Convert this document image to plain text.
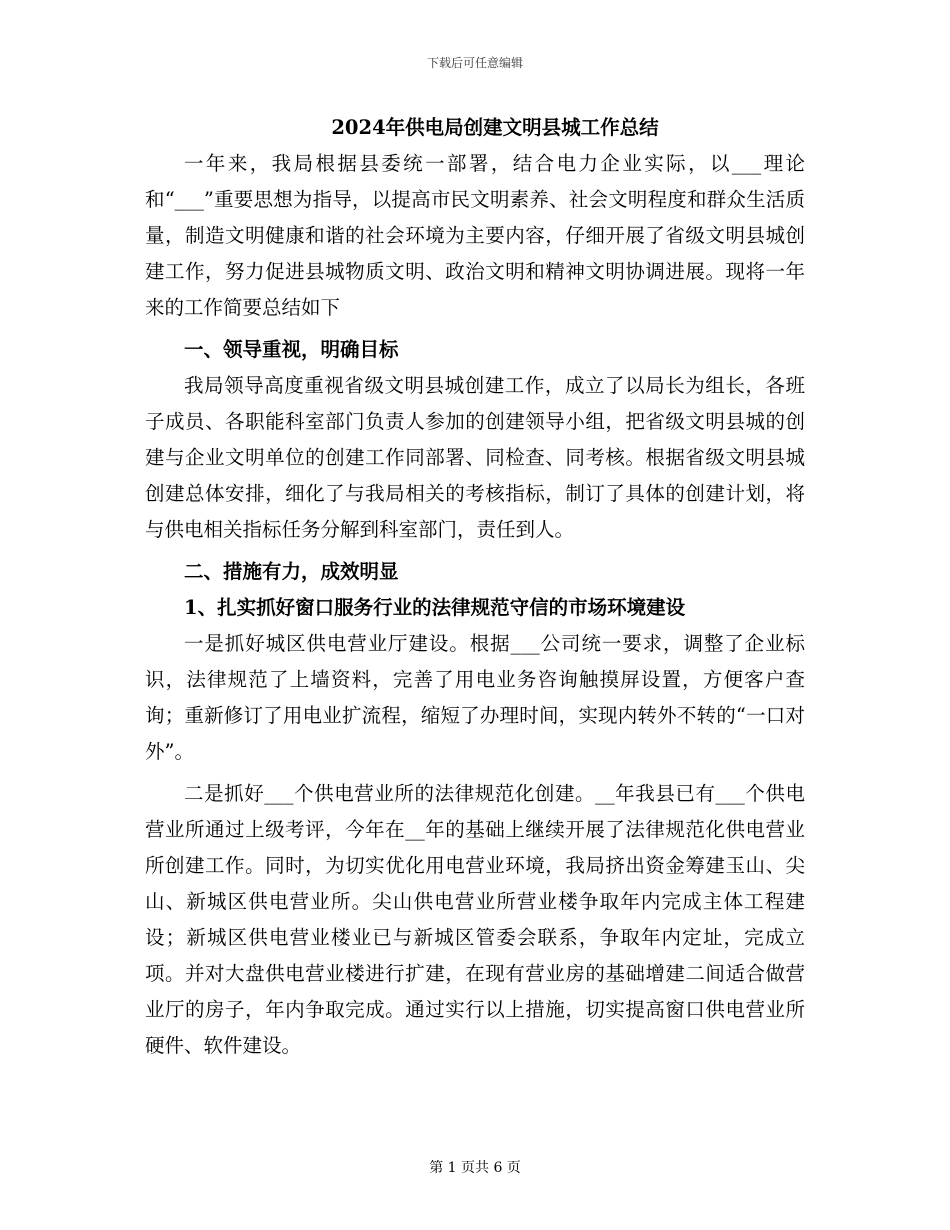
下载后可任意编辑

2024年供电局创建文明县城工作总结

一年来，我局根据县委统一部署，结合电力企业实际，以___理论和“___”重要思想为指导，以提高市民文明素养、社会文明程度和群众生活质量，制造文明健康和谐的社会环境为主要内容，仔细开展了省级文明县城创建工作，努力促进县城物质文明、政治文明和精神文明协调进展。现将一年来的工作简要总结如下

一、领导重视，明确目标

我局领导高度重视省级文明县城创建工作，成立了以局长为组长，各班子成员、各职能科室部门负责人参加的创建领导小组，把省级文明县城的创建与企业文明单位的创建工作同部署、同检查、同考核。根据省级文明县城创建总体安排，细化了与我局相关的考核指标，制订了具体的创建计划，将与供电相关指标任务分解到科室部门，责任到人。

二、措施有力，成效明显

1、扎实抓好窗口服务行业的法律规范守信的市场环境建设

一是抓好城区供电营业厅建设。根据___公司统一要求，调整了企业标识，法律规范了上墙资料，完善了用电业务咨询触摸屏设置，方便客户查询；重新修订了用电业扩流程，缩短了办理时间，实现内转外不转的“一口对外”。

二是抓好___个供电营业所的法律规范化创建。__年我县已有___个供电营业所通过上级考评，今年在__年的基础上继续开展了法律规范化供电营业所创建工作。同时，为切实优化用电营业环境，我局挤出资金筹建玉山、尖山、新城区供电营业所。尖山供电营业所营业楼争取年内完成主体工程建设；新城区供电营业楼业已与新城区管委会联系，争取年内定址，完成立项。并对大盘供电营业楼进行扩建，在现有营业房的基础增建二间适合做营业厅的房子，年内争取完成。通过实行以上措施，切实提高窗口供电营业所硬件、软件建设。

第 1 页共 6 页
